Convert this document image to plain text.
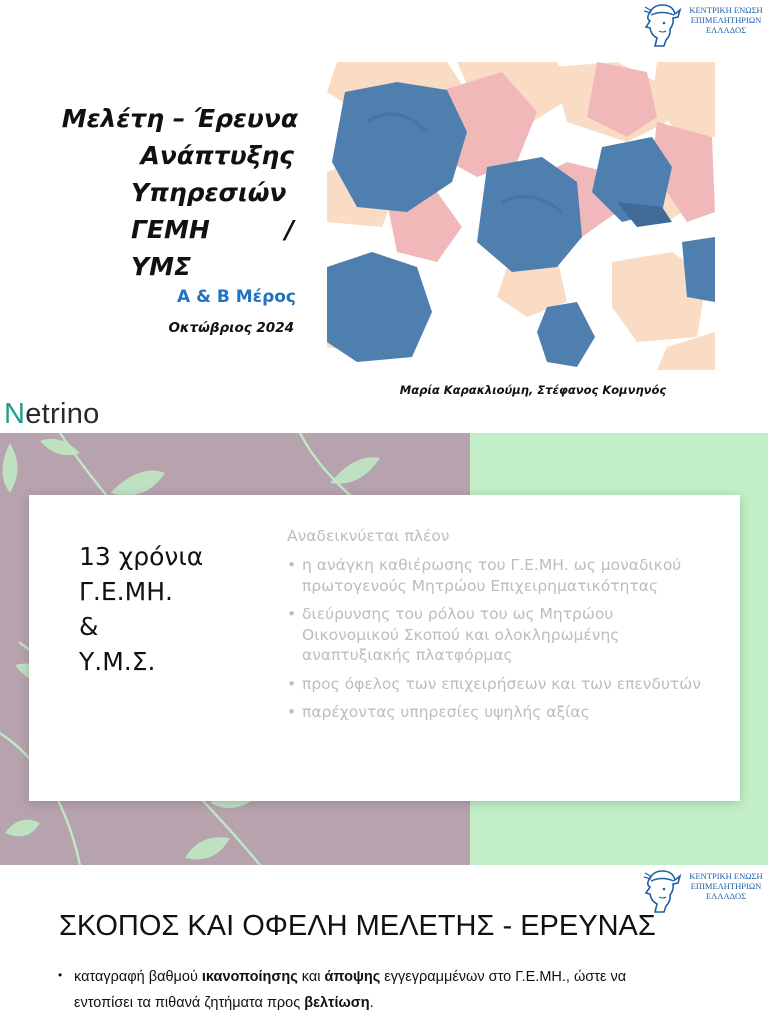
ΚΕΝΤΡΙΚΗ ΕΝΩΣΗ
ΕΠΙΜΕΛΗΤΗΡΙΩΝ
ΕΛΛΑΔΟΣ
Μελέτη – Έρευνα
Ανάπτυξης
Υπηρεσιών
ΓΕΜΗ	/
ΥΜΣ
Α & Β Μέρος
Οκτώβριος 2024
Μαρία Καρακλιούμη, Στέφανος Κομνηνός
Netrino
13 χρόνια
Γ.Ε.ΜΗ.
&
Υ.Μ.Σ.
Αναδεικνύεται πλέον
• η ανάγκη καθιέρωσης του Γ.Ε.ΜΗ. ως μοναδικού πρωτογενούς Μητρώου Επιχειρηματικότητας
• διεύρυνσης του ρόλου του ως Μητρώου Οικονομικού Σκοπού και ολοκληρωμένης αναπτυξιακής πλατφόρμας
• προς όφελος των επιχειρήσεων και των επενδυτών
• παρέχοντας υπηρεσίες υψηλής αξίας
ΚΕΝΤΡΙΚΗ ΕΝΩΣΗ
ΕΠΙΜΕΛΗΤΗΡΙΩΝ
ΕΛΛΑΔΟΣ
ΣΚΟΠΟΣ ΚΑΙ ΟΦΕΛΗ ΜΕΛΕΤΗΣ - ΕΡΕΥΝΑΣ
• καταγραφή βαθμού ικανοποίησης και άποψης εγγεγραμμένων στο Γ.Ε.ΜΗ., ώστε να εντοπίσει τα πιθανά ζητήματα προς βελτίωση.
